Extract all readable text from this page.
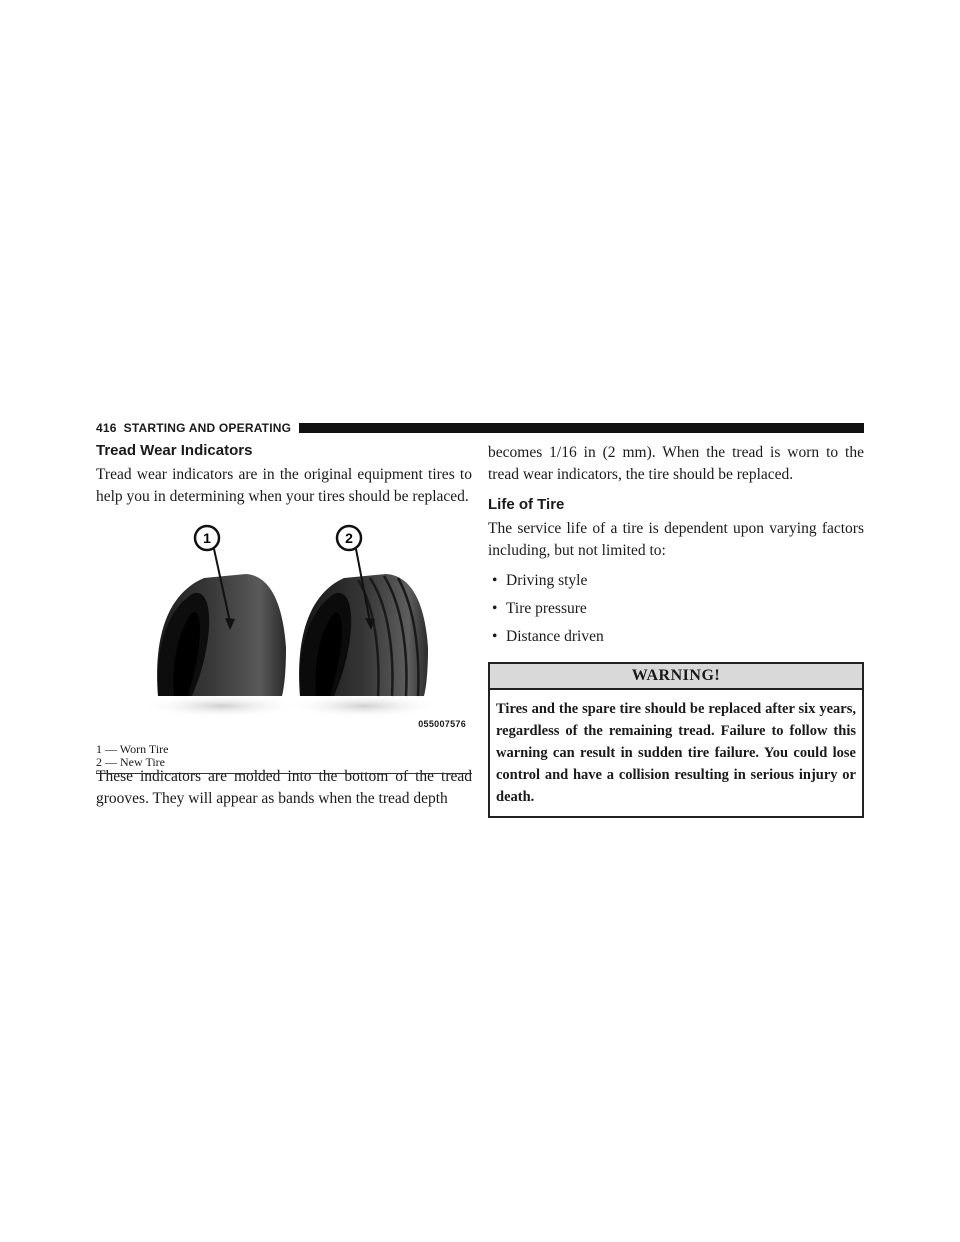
416 STARTING AND OPERATING
Tread Wear Indicators

Tread wear indicators are in the original equipment tires to help you in determining when your tires should be replaced.

1	2
055007576
1 — Worn Tire
2 — New Tire

These indicators are molded into the bottom of the tread grooves. They will appear as bands when the tread depth

becomes 1/16 in (2 mm). When the tread is worn to the tread wear indicators, the tire should be replaced.

Life of Tire

The service life of a tire is dependent upon varying factors including, but not limited to:

• Driving style
• Tire pressure
• Distance driven
WARNING!
Tires and the spare tire should be replaced after six years, regardless of the remaining tread. Failure to follow this warning can result in sudden tire failure. You could lose control and have a collision resulting in serious injury or death.
